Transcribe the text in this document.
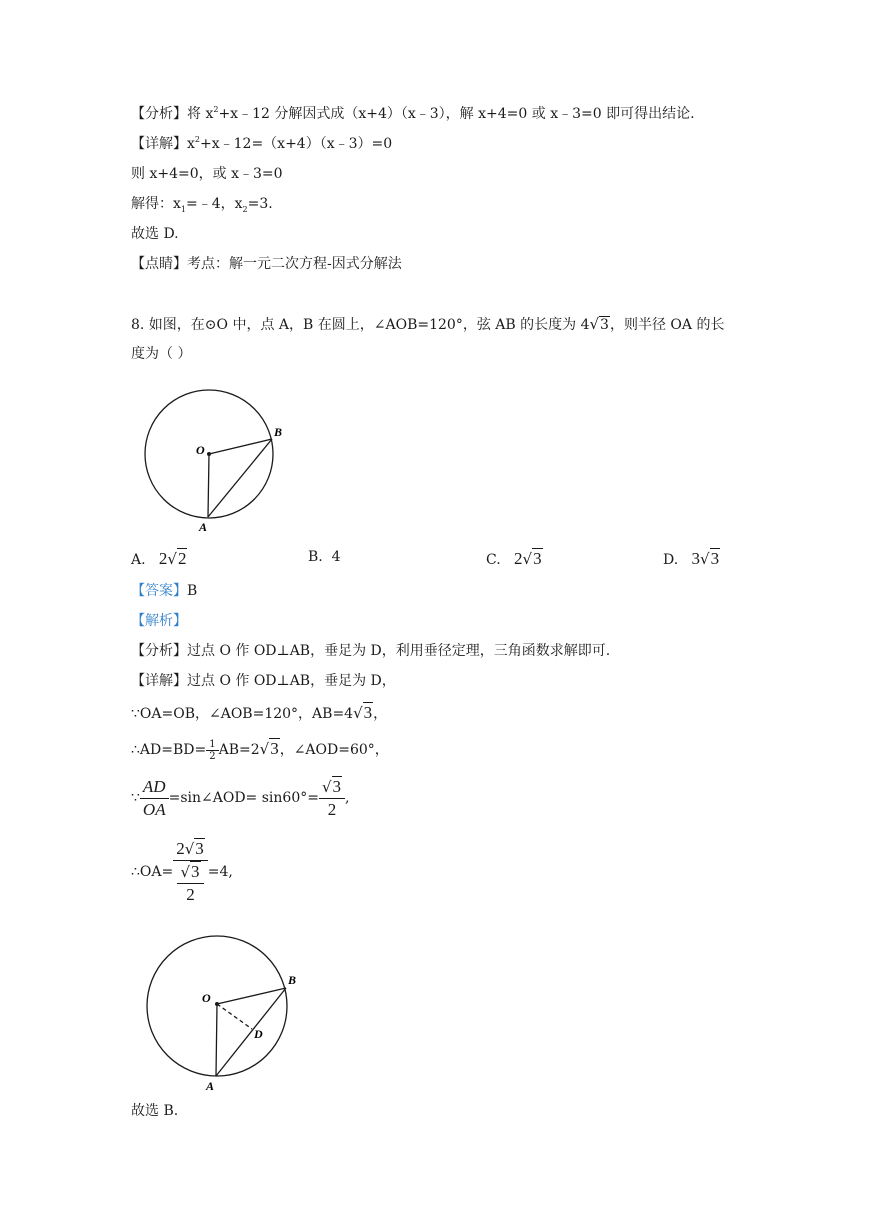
【分析】将 $x^2+x﹣12$ 分解因式成（x+4）（x﹣3），解 x+4=0 或 x﹣3=0 即可得出结论.
【详解】$x^2+x﹣12=(x+4)(x﹣3)=0$
则 x+4=0，或 x﹣3=0
解得：$x_1=﹣4$，$x_2=3$.
故选 D.
【点睛】考点：解一元二次方程-因式分解法
8. 如图，在⊙O 中，点 A，B 在圆上，∠AOB=120°，弦 AB 的长度为 4√3，则半径 OA 的长
度为（ ）
O
B
A
A. 2√2	B. 4	C. 2√3	D. 3√3
【答案】B
【解析】
【分析】过点 O 作 OD⊥AB，垂足为 D，利用垂径定理，三角函数求解即可.
【详解】过点 O 作 OD⊥AB，垂足为 D，
∵OA=OB，∠AOB=120°，AB=4√3，
∴AD=BD= $\frac{1}{2} AB=2√3$，∠AOD=60°，
∵ $\frac{AD}{OA}$ =sin∠AOD= $\sin 60^\circ= \frac{√3}{2}$ ,
∴OA= $\frac{2√3}{\frac{√3}{2}} =4$,
O
B
D
A
故选 B.
